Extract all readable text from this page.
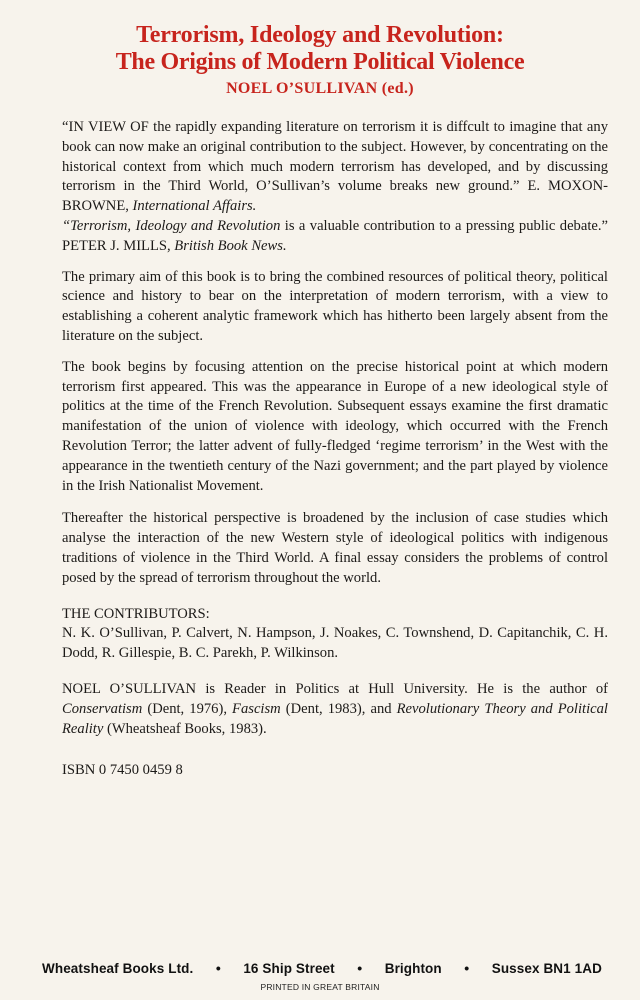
Terrorism, Ideology and Revolution:
The Origins of Modern Political Violence
NOEL O’SULLIVAN (ed.)

“IN VIEW OF the rapidly expanding literature on terrorism it is diffcult to imagine that any book can now make an original contribution to the subject. However, by concentrating on the historical context from which much modern terrorism has developed, and by discussing terrorism in the Third World, O’Sullivan’s volume breaks new ground.” E. MOXON-BROWNE, International Affairs.

“Terrorism, Ideology and Revolution is a valuable contribution to a pressing public debate.” PETER J. MILLS, British Book News.

The primary aim of this book is to bring the combined resources of political theory, political science and history to bear on the interpretation of modern terrorism, with a view to establishing a coherent analytic framework which has hitherto been largely absent from the literature on the subject.

The book begins by focusing attention on the precise historical point at which modern terrorism first appeared. This was the appearance in Europe of a new ideological style of politics at the time of the French Revolution. Subsequent essays examine the first dramatic manifestation of the union of violence with ideology, which occurred with the French Revolution Terror; the latter advent of fully-fledged ‘regime terrorism’ in the West with the appearance in the twentieth century of the Nazi government; and the part played by violence in the Irish Nationalist Movement.

Thereafter the historical perspective is broadened by the inclusion of case studies which analyse the interaction of the new Western style of ideological politics with indigenous traditions of violence in the Third World. A final essay considers the problems of control posed by the spread of terrorism throughout the world.

THE CONTRIBUTORS:

N. K. O’Sullivan, P. Calvert, N. Hampson, J. Noakes, C. Townshend, D. Capitanchik, C. H. Dodd, R. Gillespie, B. C. Parekh, P. Wilkinson.

NOEL O’SULLIVAN is Reader in Politics at Hull University. He is the author of Conservatism (Dent, 1976), Fascism (Dent, 1983), and Revolutionary Theory and Political Reality (Wheatsheaf Books, 1983).

ISBN 0 7450 0459 8

Wheatsheaf Books Ltd. • 16 Ship Street • Brighton • Sussex BN1 1AD
PRINTED IN GREAT BRITAIN
